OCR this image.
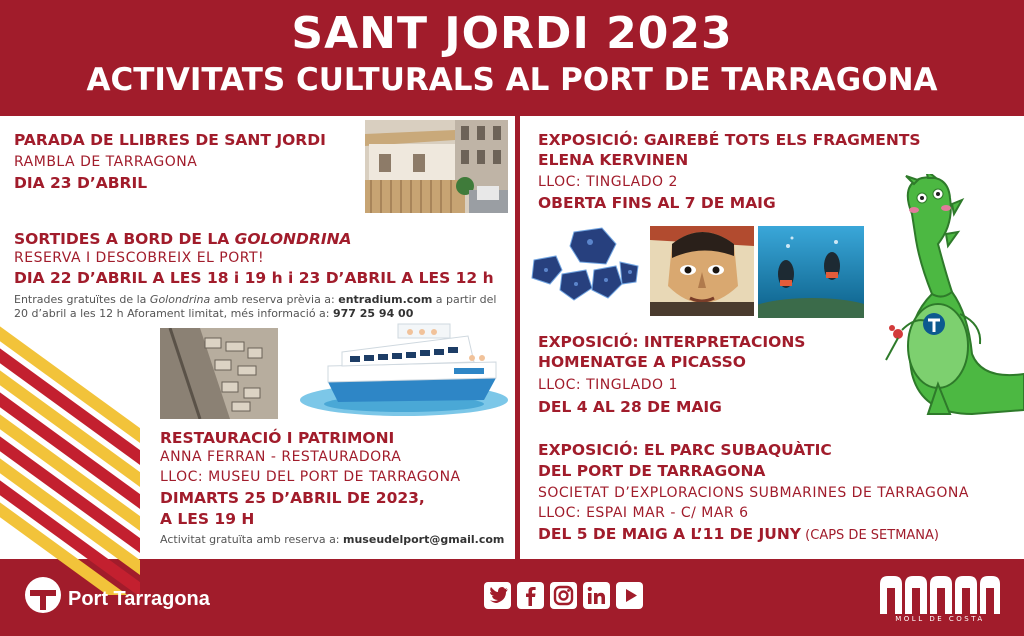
SANT JORDI 2023
ACTIVITATS CULTURALS AL PORT DE TARRAGONA
PARADA DE LLIBRES DE SANT JORDI
RAMBLA DE TARRAGONA
DIA 23 D’ABRIL
SORTIDES A BORD DE LA GOLONDRINA
RESERVA I DESCOBREIX EL PORT!
DIA 22 D’ABRIL A LES 18 i 19 h i 23 D’ABRIL A LES 12 h
Entrades gratuïtes de la Golondrina amb reserva prèvia a: entradium.com a partir del
20 d’abril a les 12 h Aforament limitat, més informació a: 977 25 94 00
RESTAURACIÓ I PATRIMONI
ANNA FERRAN - RESTAURADORA
LLOC: MUSEU DEL PORT DE TARRAGONA
DIMARTS 25 D’ABRIL DE 2023,
A LES 19 H
Activitat gratuïta amb reserva a: museudelport@gmail.com
EXPOSICIÓ: GAIREBÉ TOTS ELS FRAGMENTS
ELENA KERVINEN
LLOC: TINGLADO 2
OBERTA FINS AL 7 DE MAIG
EXPOSICIÓ: INTERPRETACIONS
HOMENATGE A PICASSO
LLOC: TINGLADO 1
DEL 4 AL 28 DE MAIG
EXPOSICIÓ: EL PARC SUBAQUÀTIC
DEL PORT DE TARRAGONA
SOCIETAT D’EXPLORACIONS SUBMARINES DE TARRAGONA
LLOC: ESPAI MAR - C/ MAR 6
DEL 5 DE MAIG A L’11 DE JUNY (CAPS DE SETMANA)
Port Tarragona
MOLL DE COSTA
